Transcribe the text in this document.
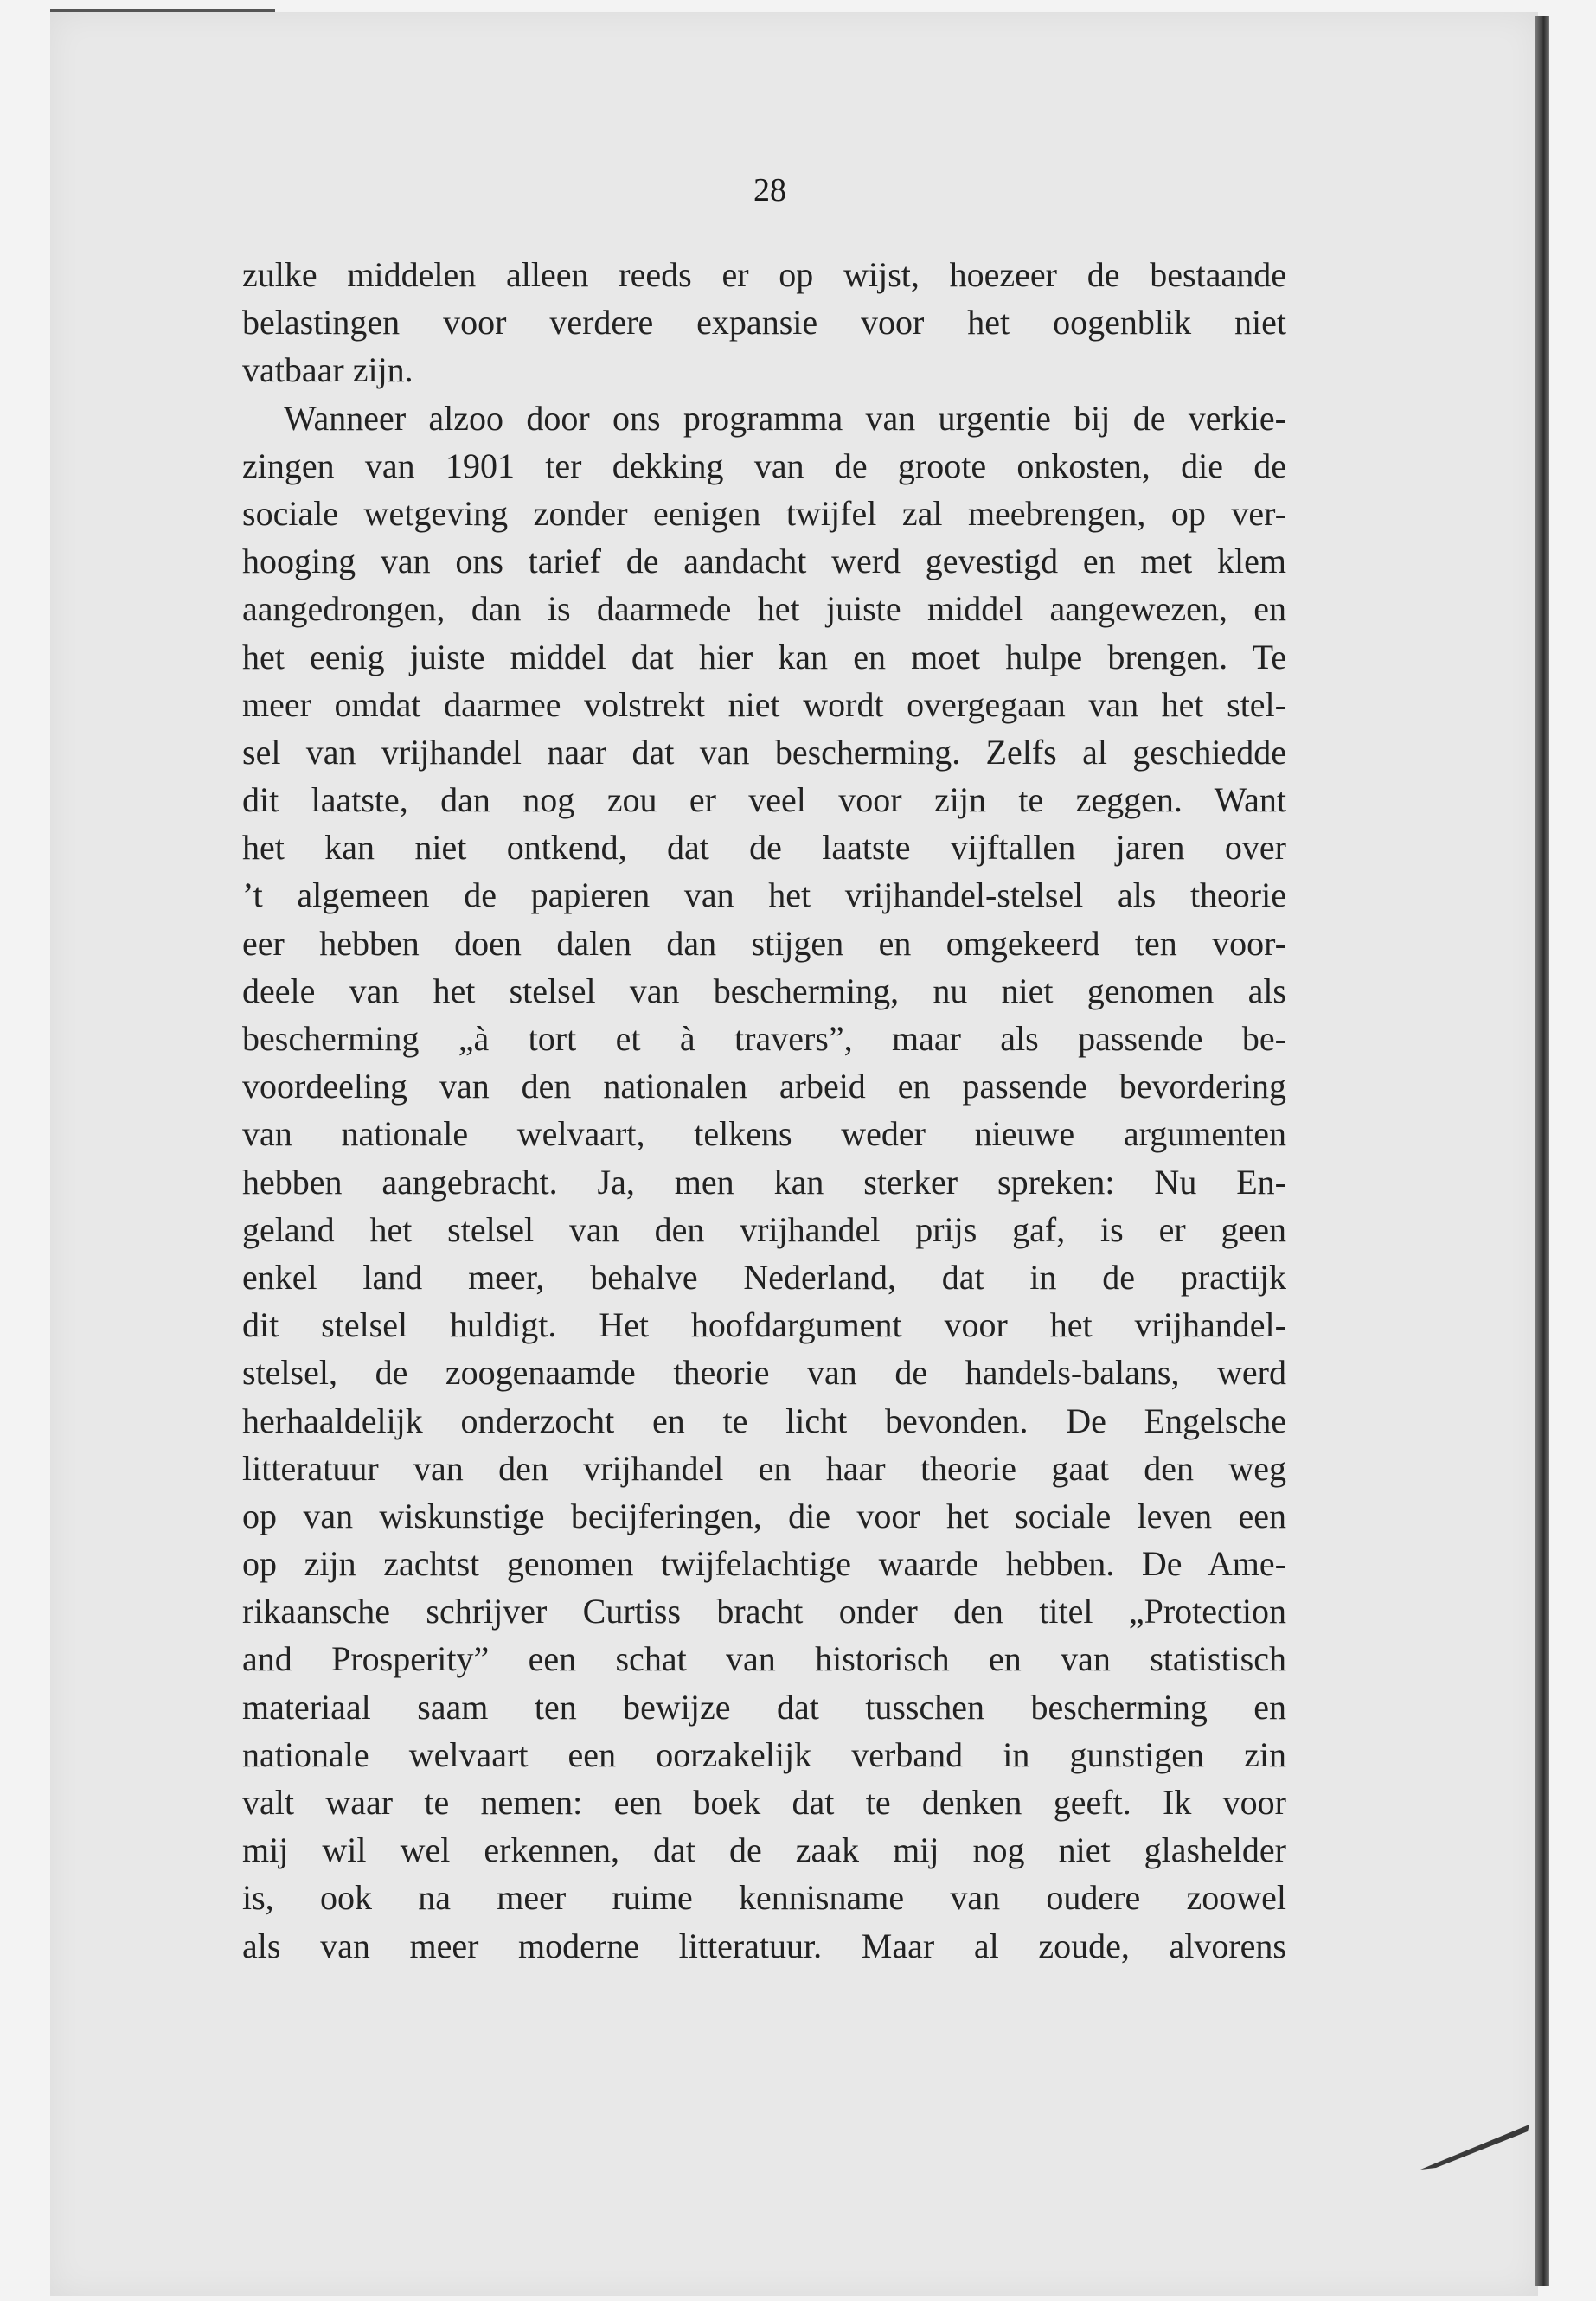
28
zulke middelen alleen reeds er op wijst, hoezeer de bestaande
belastingen voor verdere expansie voor het oogenblik niet
vatbaar zijn.
Wanneer alzoo door ons programma van urgentie bij de verkie-
zingen van 1901 ter dekking van de groote onkosten, die de
sociale wetgeving zonder eenigen twijfel zal meebrengen, op ver-
hooging van ons tarief de aandacht werd gevestigd en met klem
aangedrongen, dan is daarmede het juiste middel aangewezen, en
het eenig juiste middel dat hier kan en moet hulpe brengen. Te
meer omdat daarmee volstrekt niet wordt overgegaan van het stel-
sel van vrijhandel naar dat van bescherming. Zelfs al geschiedde
dit laatste, dan nog zou er veel voor zijn te zeggen. Want
het kan niet ontkend, dat de laatste vijftallen jaren over
’t algemeen de papieren van het vrijhandel-stelsel als theorie
eer hebben doen dalen dan stijgen en omgekeerd ten voor-
deele van het stelsel van bescherming, nu niet genomen als
bescherming „à tort et à travers”, maar als passende be-
voordeeling van den nationalen arbeid en passende bevordering
van nationale welvaart, telkens weder nieuwe argumenten
hebben aangebracht. Ja, men kan sterker spreken: Nu En-
geland het stelsel van den vrijhandel prijs gaf, is er geen
enkel land meer, behalve Nederland, dat in de practijk
dit stelsel huldigt. Het hoofdargument voor het vrijhandel-
stelsel, de zoogenaamde theorie van de handels-balans, werd
herhaaldelijk onderzocht en te licht bevonden. De Engelsche
litteratuur van den vrijhandel en haar theorie gaat den weg
op van wiskunstige becijferingen, die voor het sociale leven een
op zijn zachtst genomen twijfelachtige waarde hebben. De Ame-
rikaansche schrijver Curtiss bracht onder den titel „Protection
and Prosperity” een schat van historisch en van statistisch
materiaal saam ten bewijze dat tusschen bescherming en
nationale welvaart een oorzakelijk verband in gunstigen zin
valt waar te nemen: een boek dat te denken geeft. Ik voor
mij wil wel erkennen, dat de zaak mij nog niet glashelder
is, ook na meer ruime kennisname van oudere zoowel
als van meer moderne litteratuur. Maar al zoude, alvorens
